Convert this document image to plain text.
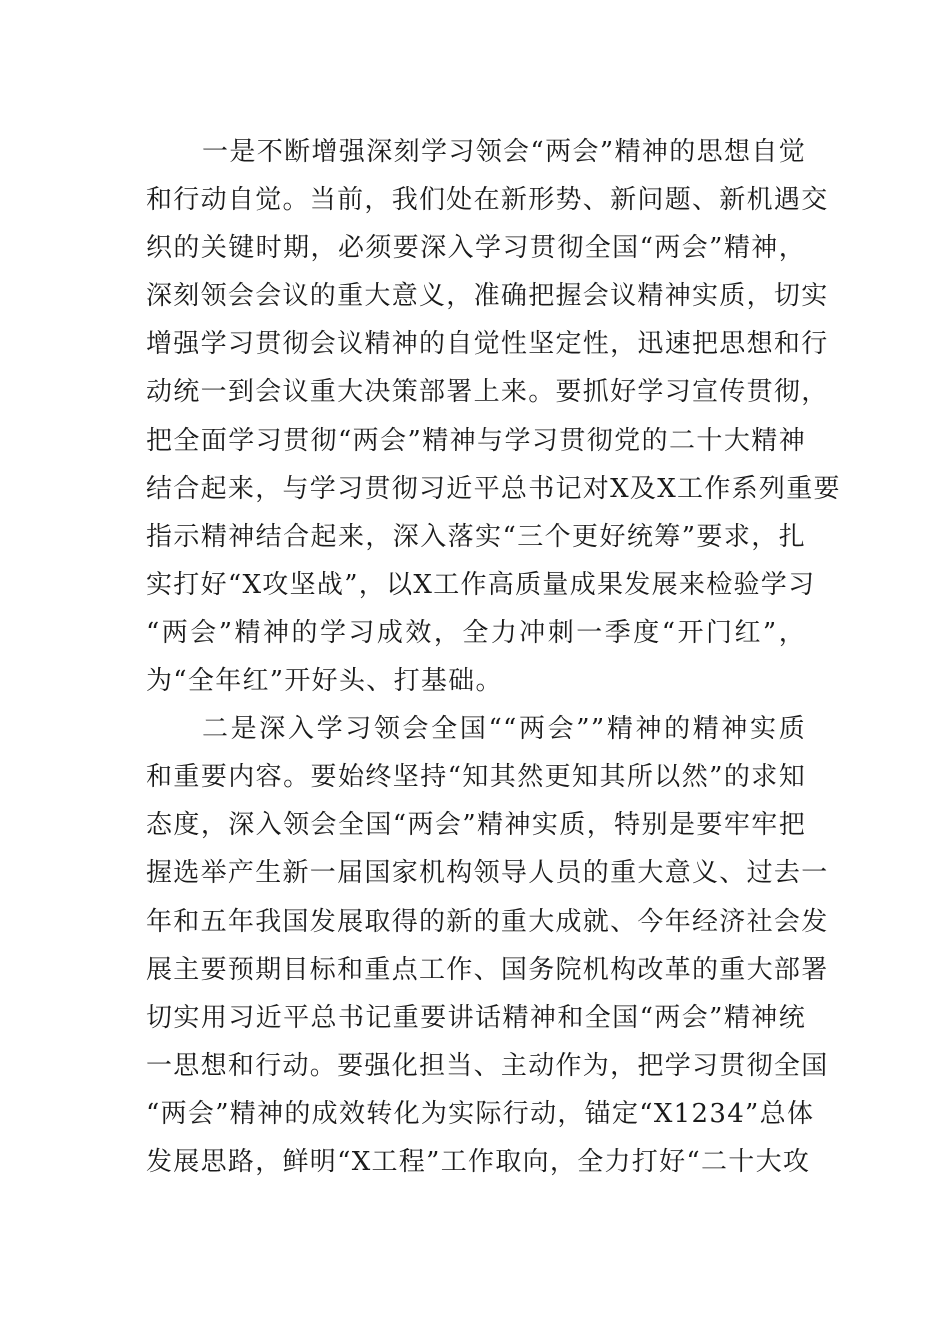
一是不断增强深刻学习领会“两会”精神的思想自觉
和行动自觉。当前，我们处在新形势、新问题、新机遇交
织的关键时期，必须要深入学习贯彻全国“两会”精神，
深刻领会会议的重大意义，准确把握会议精神实质，切实
增强学习贯彻会议精神的自觉性坚定性，迅速把思想和行
动统一到会议重大决策部署上来。要抓好学习宣传贯彻，
把全面学习贯彻“两会”精神与学习贯彻党的二十大精神
结合起来，与学习贯彻习近平总书记对X及X工作系列重要
指示精神结合起来，深入落实“三个更好统筹”要求，扎
实打好“X攻坚战”，以X工作高质量成果发展来检验学习
“两会”精神的学习成效，全力冲刺一季度“开门红”，
为“全年红”开好头、打基础。
二是深入学习领会全国““两会””精神的精神实质
和重要内容。要始终坚持“知其然更知其所以然”的求知
态度，深入领会全国“两会”精神实质，特别是要牢牢把
握选举产生新一届国家机构领导人员的重大意义、过去一
年和五年我国发展取得的新的重大成就、今年经济社会发
展主要预期目标和重点工作、国务院机构改革的重大部署
切实用习近平总书记重要讲话精神和全国“两会”精神统
一思想和行动。要强化担当、主动作为，把学习贯彻全国
“两会”精神的成效转化为实际行动，锚定“X1234”总体
发展思路，鲜明“X工程”工作取向，全力打好“二十大攻
